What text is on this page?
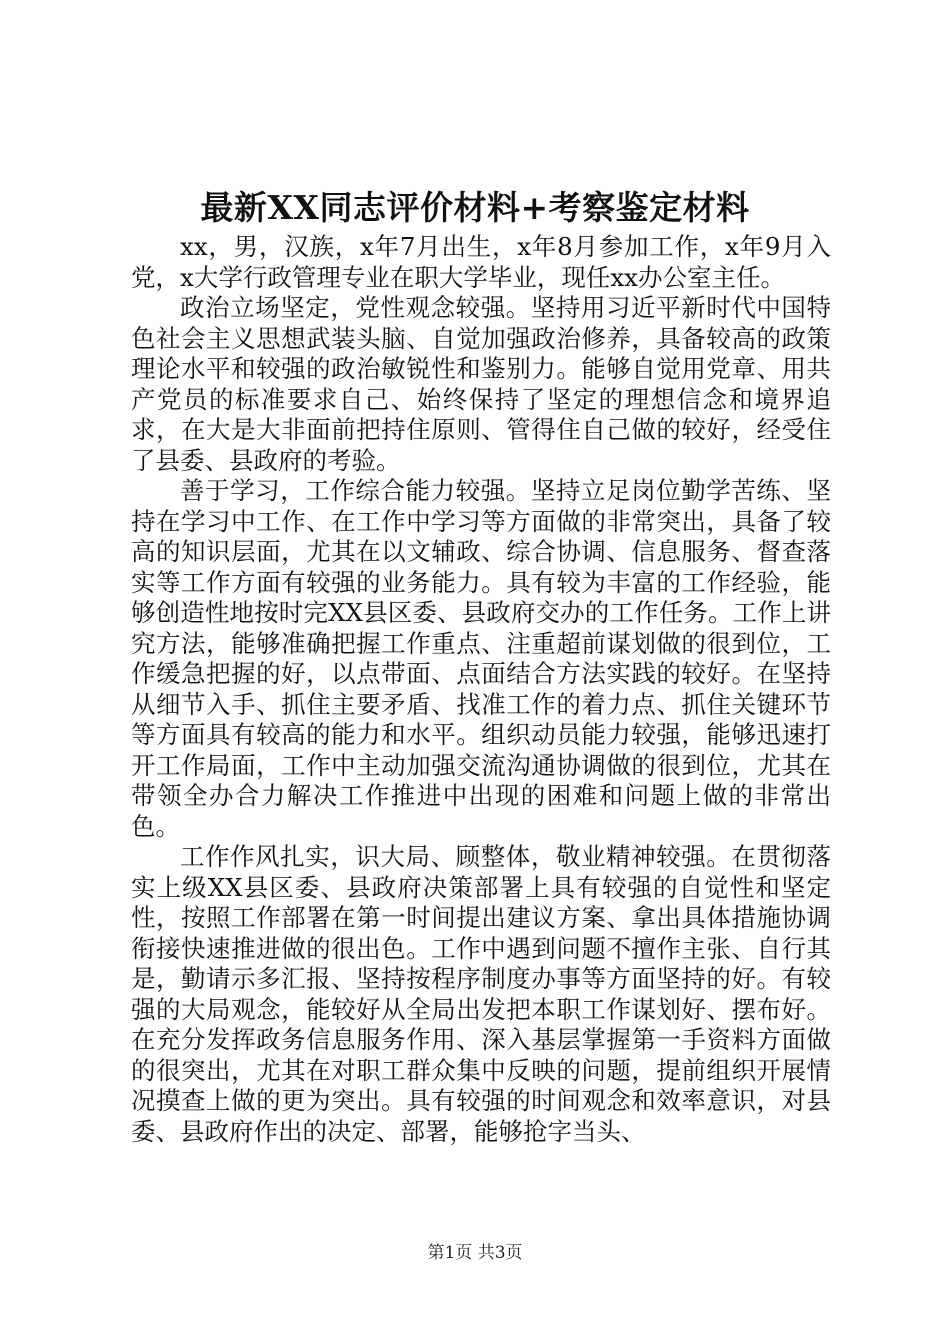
最新XX同志评价材料+考察鉴定材料

xx，男，汉族，x年7月出生，x年8月参加工作，x年9月入党，x大学行政管理专业在职大学毕业，现任xx办公室主任。

政治立场坚定，党性观念较强。坚持用习近平新时代中国特色社会主义思想武装头脑、自觉加强政治修养，具备较高的政策理论水平和较强的政治敏锐性和鉴别力。能够自觉用党章、用共产党员的标准要求自己、始终保持了坚定的理想信念和境界追求，在大是大非面前把持住原则、管得住自己做的较好，经受住了县委、县政府的考验。

善于学习，工作综合能力较强。坚持立足岗位勤学苦练、坚持在学习中工作、在工作中学习等方面做的非常突出，具备了较高的知识层面，尤其在以文辅政、综合协调、信息服务、督查落实等工作方面有较强的业务能力。具有较为丰富的工作经验，能够创造性地按时完XX县区委、县政府交办的工作任务。工作上讲究方法，能够准确把握工作重点、注重超前谋划做的很到位，工作缓急把握的好，以点带面、点面结合方法实践的较好。在坚持从细节入手、抓住主要矛盾、找准工作的着力点、抓住关键环节等方面具有较高的能力和水平。组织动员能力较强，能够迅速打开工作局面，工作中主动加强交流沟通协调做的很到位，尤其在带领全办合力解决工作推进中出现的困难和问题上做的非常出色。

工作作风扎实，识大局、顾整体，敬业精神较强。在贯彻落实上级XX县区委、县政府决策部署上具有较强的自觉性和坚定性，按照工作部署在第一时间提出建议方案、拿出具体措施协调衔接快速推进做的很出色。工作中遇到问题不擅作主张、自行其是，勤请示多汇报、坚持按程序制度办事等方面坚持的好。有较强的大局观念，能较好从全局出发把本职工作谋划好、摆布好。在充分发挥政务信息服务作用、深入基层掌握第一手资料方面做的很突出，尤其在对职工群众集中反映的问题，提前组织开展情况摸查上做的更为突出。具有较强的时间观念和效率意识，对县委、县政府作出的决定、部署，能够抢字当头、

第1页 共3页
